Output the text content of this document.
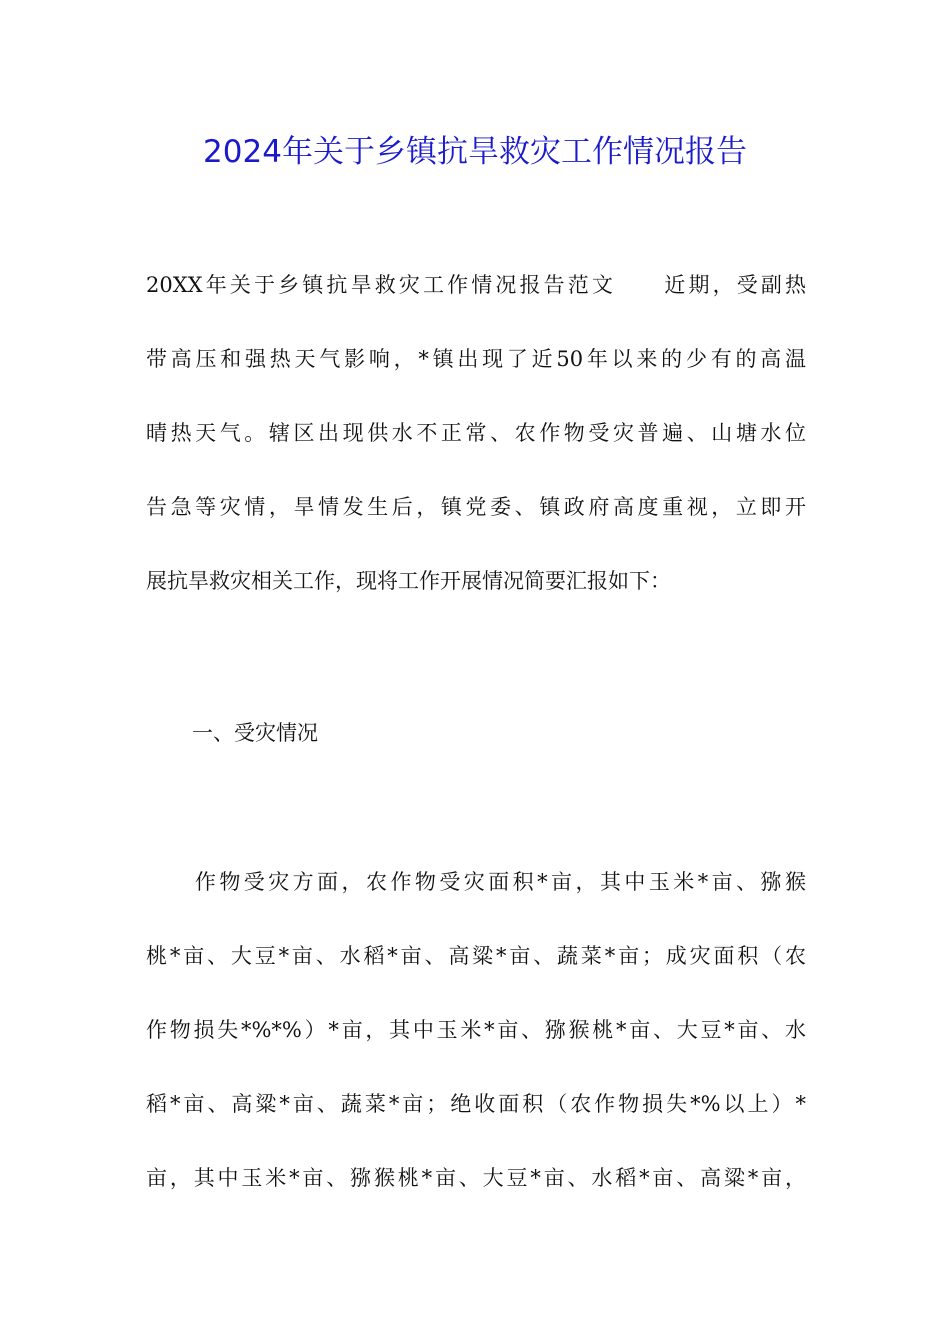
2024年关于乡镇抗旱救灾工作情况报告
20XX年关于乡镇抗旱救灾工作情况报告范文　　近期，受副热
带高压和强热天气影响，*镇出现了近50年以来的少有的高温
晴热天气。辖区出现供水不正常、农作物受灾普遍、山塘水位
告急等灾情，旱情发生后，镇党委、镇政府高度重视，立即开
展抗旱救灾相关工作，现将工作开展情况简要汇报如下：
一、受灾情况
　　作物受灾方面，农作物受灾面积*亩，其中玉米*亩、猕猴
桃*亩、大豆*亩、水稻*亩、高粱*亩、蔬菜*亩；成灾面积（农
作物损失*%*%）*亩，其中玉米*亩、猕猴桃*亩、大豆*亩、水
稻*亩、高粱*亩、蔬菜*亩；绝收面积（农作物损失*%以上）*
亩，其中玉米*亩、猕猴桃*亩、大豆*亩、水稻*亩、高粱*亩，
